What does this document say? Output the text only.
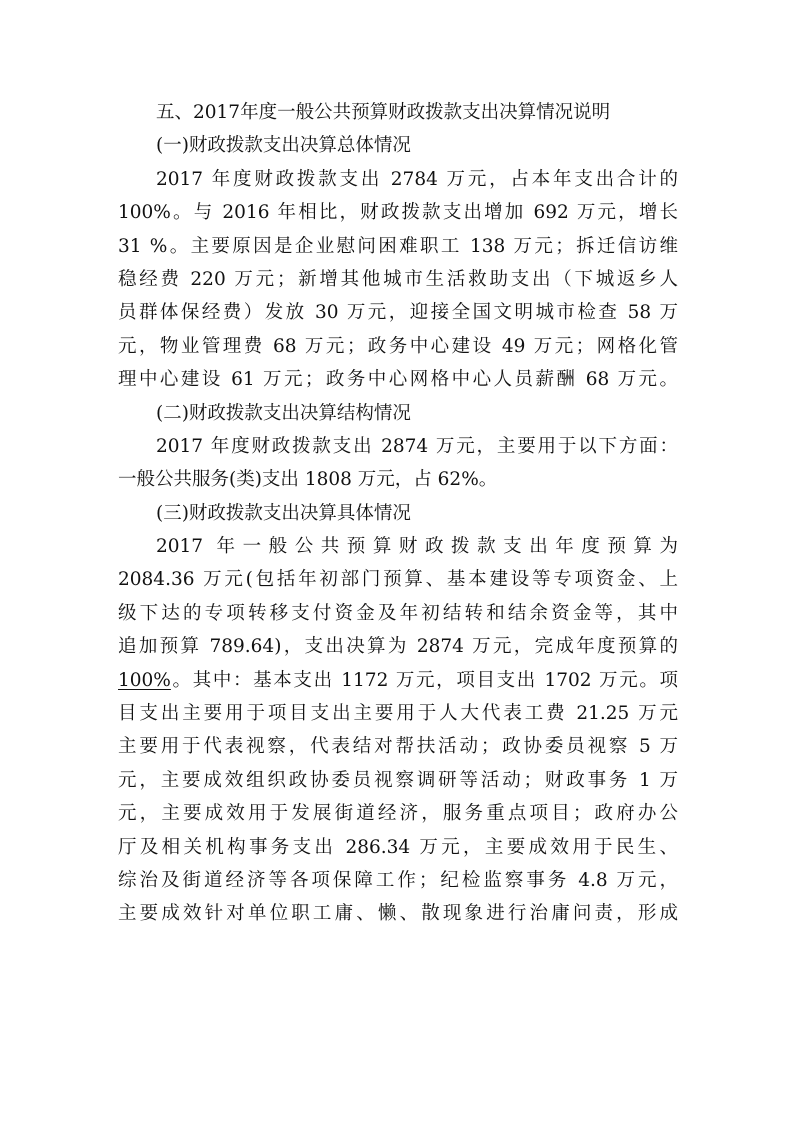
五、2017年度一般公共预算财政拨款支出决算情况说明
(一)财政拨款支出决算总体情况
2017 年度财政拨款支出 2784 万元，占本年支出合计的
100%。与 2016 年相比，财政拨款支出增加 692 万元，增长
31 %。主要原因是企业慰问困难职工 138 万元；拆迁信访维
稳经费 220 万元；新增其他城市生活救助支出（下城返乡人
员群体保经费）发放 30 万元，迎接全国文明城市检查 58 万
元，物业管理费 68 万元；政务中心建设 49 万元；网格化管
理中心建设 61 万元；政务中心网格中心人员薪酬 68 万元。
(二)财政拨款支出决算结构情况
2017 年度财政拨款支出 2874 万元，主要用于以下方面：
一般公共服务(类)支出 1808 万元，占 62%。
(三)财政拨款支出决算具体情况
2017 年一般公共预算财政拨款支出年度预算为
2084.36 万元(包括年初部门预算、基本建设等专项资金、上
级下达的专项转移支付资金及年初结转和结余资金等，其中
追加预算 789.64)，支出决算为 2874 万元，完成年度预算的
100%。其中：基本支出 1172 万元，项目支出 1702 万元。项
目支出主要用于项目支出主要用于人大代表工费 21.25 万元
主要用于代表视察，代表结对帮扶活动；政协委员视察 5 万
元，主要成效组织政协委员视察调研等活动；财政事务 1 万
元，主要成效用于发展街道经济，服务重点项目；政府办公
厅及相关机构事务支出 286.34 万元，主要成效用于民生、
综治及街道经济等各项保障工作；纪检监察事务 4.8 万元，
主要成效针对单位职工庸、懒、散现象进行治庸问责，形成
